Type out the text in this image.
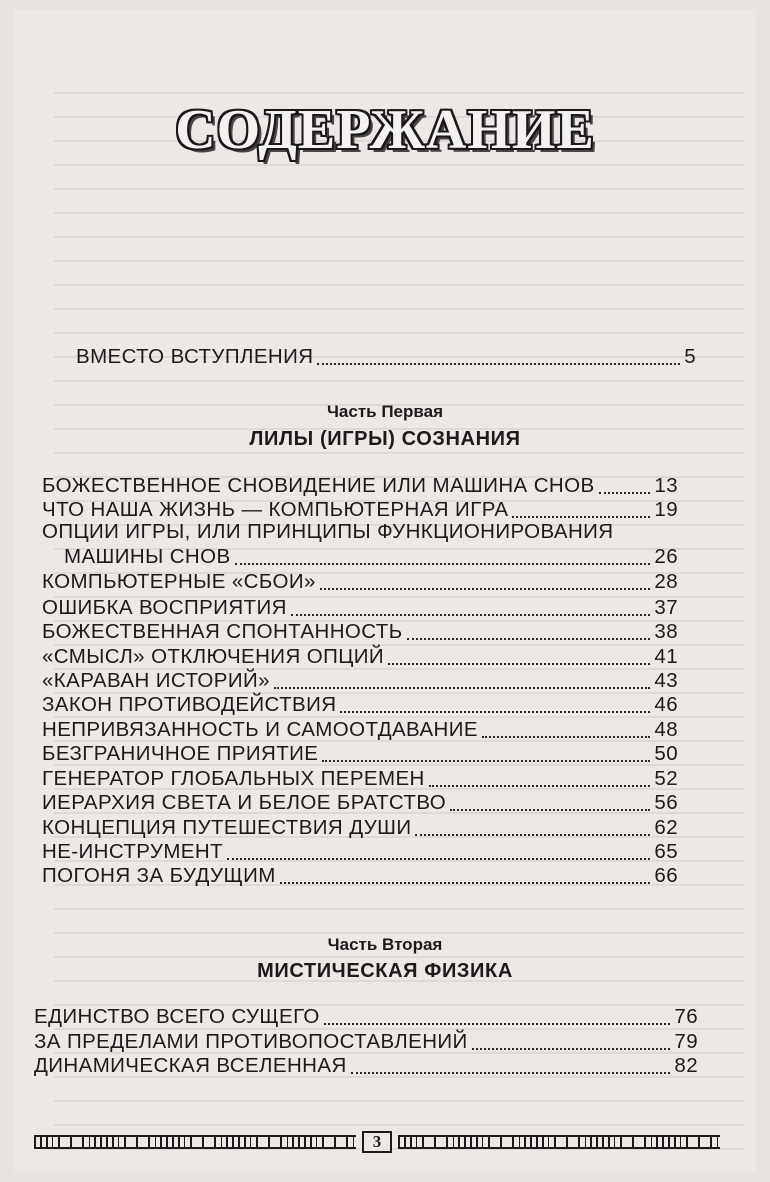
СОДЕРЖАНИЕ
ВМЕСТО ВСТУПЛЕНИЯ	5
Часть Первая
ЛИЛЫ (ИГРЫ) СОЗНАНИЯ
БОЖЕСТВЕННОЕ СНОВИДЕНИЕ ИЛИ МАШИНА СНОВ	13
ЧТО НАША ЖИЗНЬ — КОМПЬЮТЕРНАЯ ИГРА	19
ОПЦИИ ИГРЫ, ИЛИ ПРИНЦИПЫ ФУНКЦИОНИРОВАНИЯ
МАШИНЫ СНОВ	26
КОМПЬЮТЕРНЫЕ «СБОИ»	28
ОШИБКА ВОСПРИЯТИЯ	37
БОЖЕСТВЕННАЯ СПОНТАННОСТЬ	38
«СМЫСЛ» ОТКЛЮЧЕНИЯ ОПЦИЙ	41
«КАРАВАН ИСТОРИЙ»	43
ЗАКОН ПРОТИВОДЕЙСТВИЯ	46
НЕПРИВЯЗАННОСТЬ И САМООТДАВАНИЕ	48
БЕЗГРАНИЧНОЕ ПРИЯТИЕ	50
ГЕНЕРАТОР ГЛОБАЛЬНЫХ ПЕРЕМЕН	52
ИЕРАРХИЯ СВЕТА И БЕЛОЕ БРАТСТВО	56
КОНЦЕПЦИЯ ПУТЕШЕСТВИЯ ДУШИ	62
НЕ-ИНСТРУМЕНТ	65
ПОГОНЯ ЗА БУДУЩИМ	66
Часть Вторая
МИСТИЧЕСКАЯ ФИЗИКА
ЕДИНСТВО ВСЕГО СУЩЕГО	76
ЗА ПРЕДЕЛАМИ ПРОТИВОПОСТАВЛЕНИЙ	79
ДИНАМИЧЕСКАЯ ВСЕЛЕННАЯ	82
3
